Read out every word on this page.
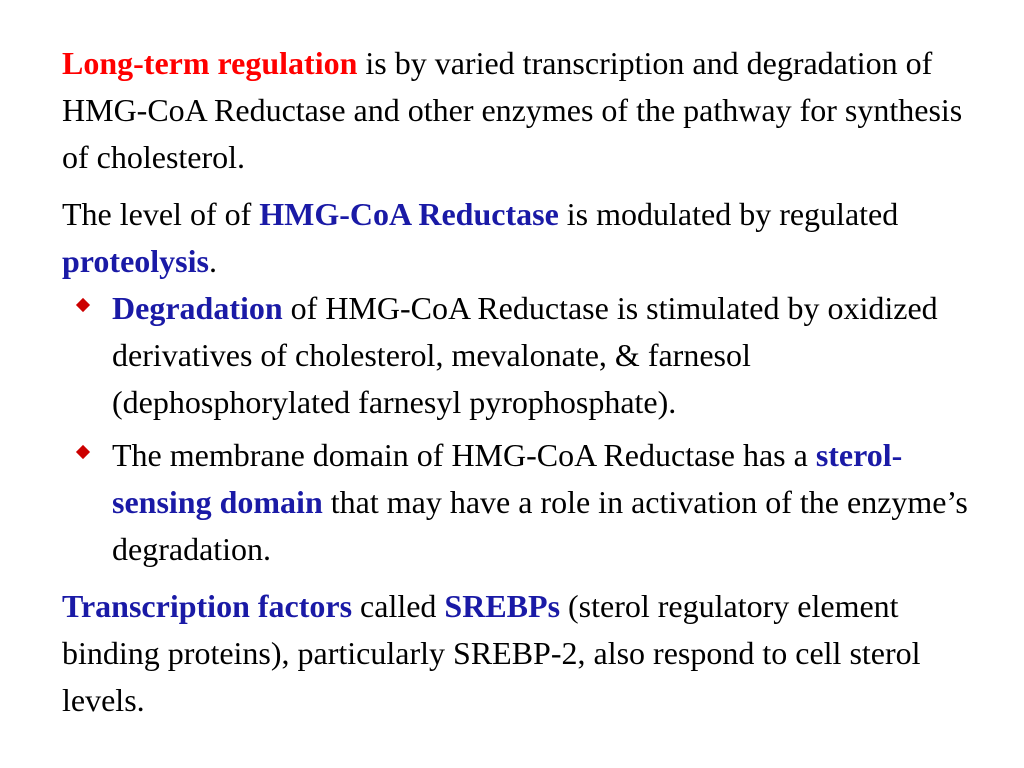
Long-term regulation is by varied transcription and degradation of HMG-CoA Reductase and other enzymes of the pathway for synthesis of cholesterol.

The level of of HMG-CoA Reductase is modulated by regulated proteolysis.

Degradation of HMG-CoA Reductase is stimulated by oxidized derivatives of cholesterol, mevalonate, & farnesol (dephosphorylated farnesyl pyrophosphate).
The membrane domain of HMG-CoA Reductase has a sterol-sensing domain that may have a role in activation of the enzyme’s degradation.

Transcription factors called SREBPs (sterol regulatory element binding proteins), particularly SREBP-2, also respond to cell sterol levels.
